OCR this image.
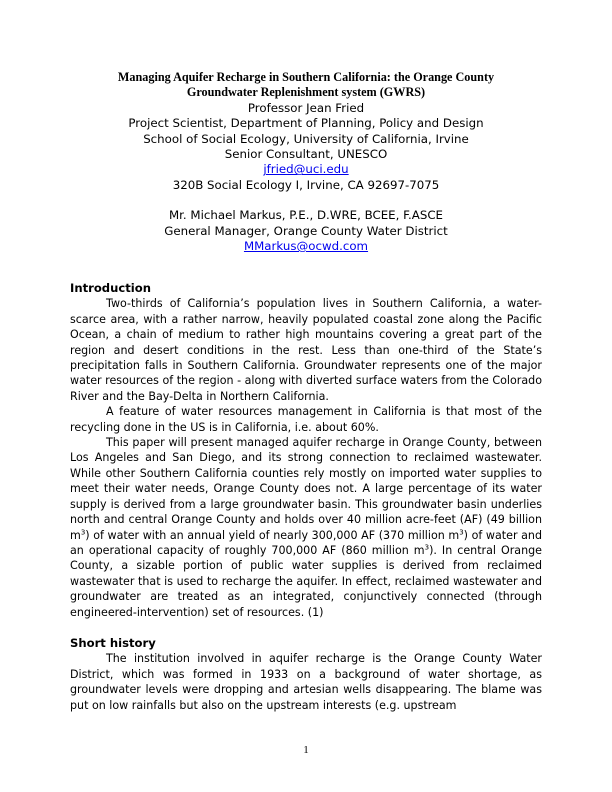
Managing Aquifer Recharge in Southern California: the Orange County
Groundwater Replenishment system (GWRS)
Professor Jean Fried
Project Scientist, Department of Planning, Policy and Design
School of Social Ecology, University of California, Irvine
Senior Consultant, UNESCO
jfried@uci.edu
320B Social Ecology I, Irvine, CA 92697-7075
Mr. Michael Markus, P.E., D.WRE, BCEE, F.ASCE
General Manager, Orange County Water District
MMarkus@ocwd.com
Introduction

Two-thirds of California’s population lives in Southern California, a water-scarce area, with a rather narrow, heavily populated coastal zone along the Pacific Ocean, a chain of medium to rather high mountains covering a great part of the region and desert conditions in the rest. Less than one-third of the State’s precipitation falls in Southern California. Groundwater represents one of the major water resources of the region - along with diverted surface waters from the Colorado River and the Bay-Delta in Northern California.

A feature of water resources management in California is that most of the recycling done in the US is in California, i.e. about 60%.

This paper will present managed aquifer recharge in Orange County, between Los Angeles and San Diego, and its strong connection to reclaimed wastewater. While other Southern California counties rely mostly on imported water supplies to meet their water needs, Orange County does not. A large percentage of its water supply is derived from a large groundwater basin. This groundwater basin underlies north and central Orange County and holds over 40 million acre-feet (AF) (49 billion $m^3$) of water with an annual yield of nearly 300,000 AF (370 million $m^3$) of water and an operational capacity of roughly 700,000 AF (860 million $m^3$). In central Orange County, a sizable portion of public water supplies is derived from reclaimed wastewater that is used to recharge the aquifer. In effect, reclaimed wastewater and groundwater are treated as an integrated, conjunctively connected (through engineered-intervention) set of resources. (1)

Short history

The institution involved in aquifer recharge is the Orange County Water District, which was formed in 1933 on a background of water shortage, as groundwater levels were dropping and artesian wells disappearing. The blame was put on low rainfalls but also on the upstream interests (e.g. upstream

1
